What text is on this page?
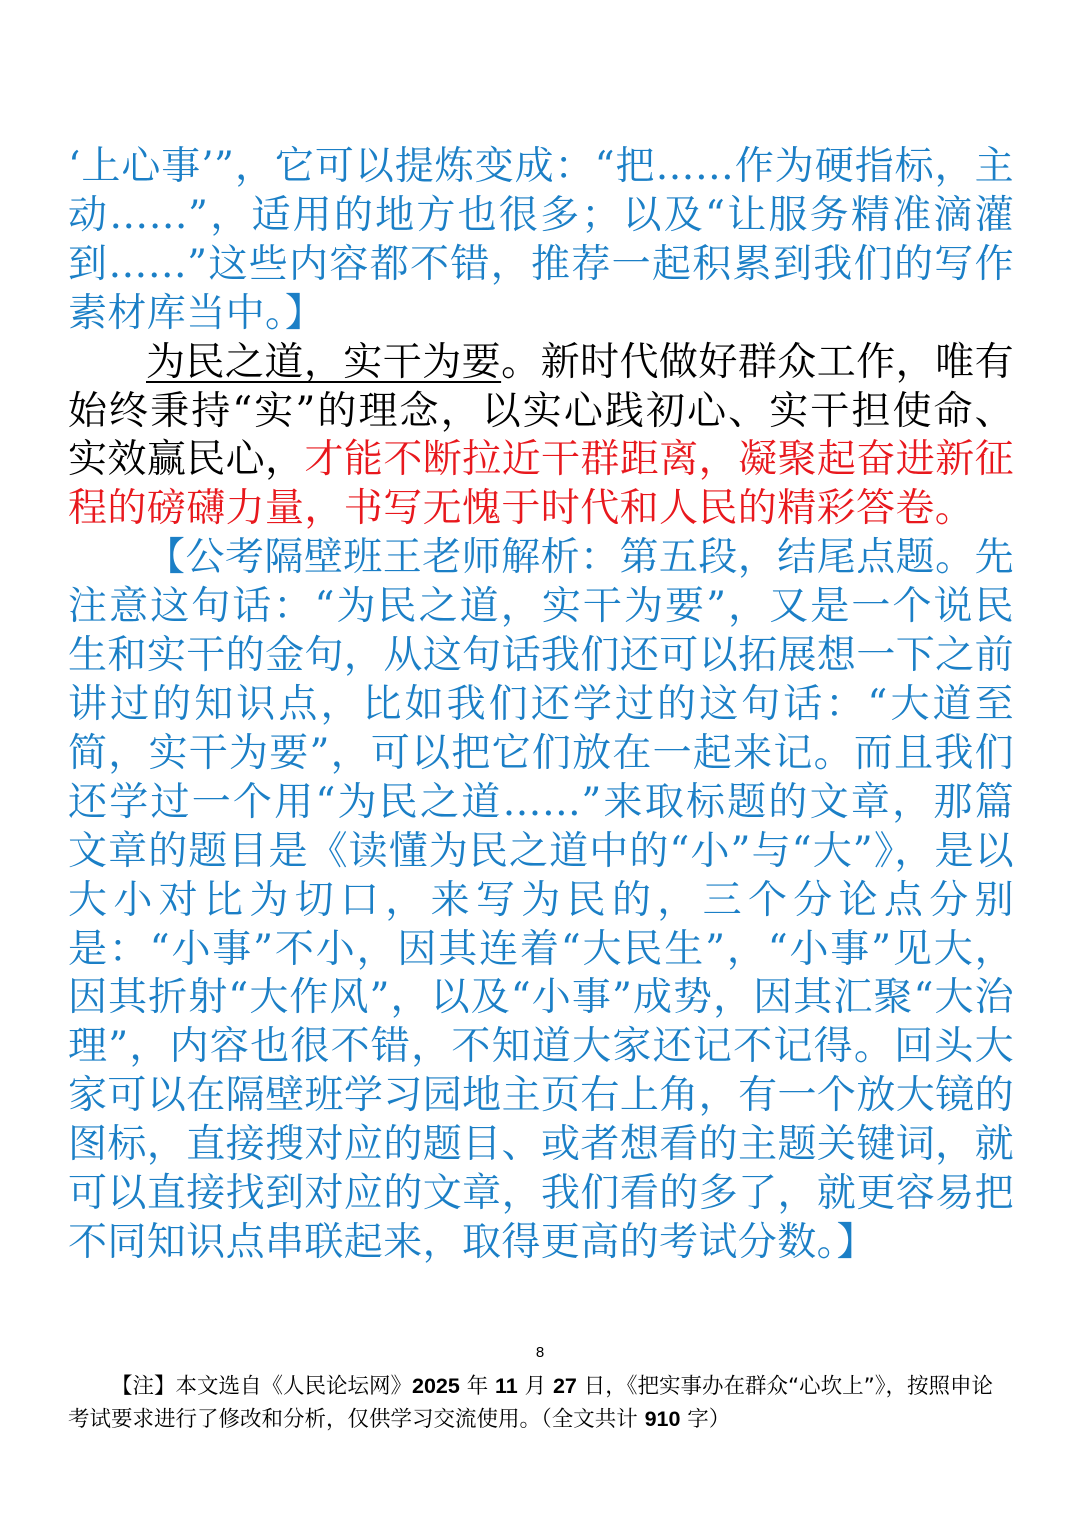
‘上心事’”，它可以提炼变成：“把……作为硬指标，主动……”，适用的地方也很多；以及“让服务精准滴灌到……”这些内容都不错，推荐一起积累到我们的写作素材库当中。】

为民之道，实干为要。新时代做好群众工作，唯有始终秉持“实”的理念，以实心践初心、实干担使命、实效赢民心，才能不断拉近干群距离，凝聚起奋进新征程的磅礴力量，书写无愧于时代和人民的精彩答卷。

【公考隔壁班王老师解析：第五段，结尾点题。先注意这句话：“为民之道，实干为要”，又是一个说民生和实干的金句，从这句话我们还可以拓展想一下之前讲过的知识点，比如我们还学过的这句话：“大道至简，实干为要”，可以把它们放在一起来记。而且我们还学过一个用“为民之道……”来取标题的文章，那篇文章的题目是《读懂为民之道中的“小”与“大”》，是以大小对比为切口，来写为民的，三个分论点分别是：“小事”不小，因其连着“大民生”，“小事”见大，因其折射“大作风”，以及“小事”成势，因其汇聚“大治理”，内容也很不错，不知道大家还记不记得。回头大家可以在隔壁班学习园地主页右上角，有一个放大镜的图标，直接搜对应的题目、或者想看的主题关键词，就可以直接找到对应的文章，我们看的多了，就更容易把不同知识点串联起来，取得更高的考试分数。】

8
【注】本文选自《人民论坛网》2025 年 11 月 27 日，《把实事办在群众“心坎上”》，按照申论考试要求进行了修改和分析，仅供学习交流使用。（全文共计 910 字）
